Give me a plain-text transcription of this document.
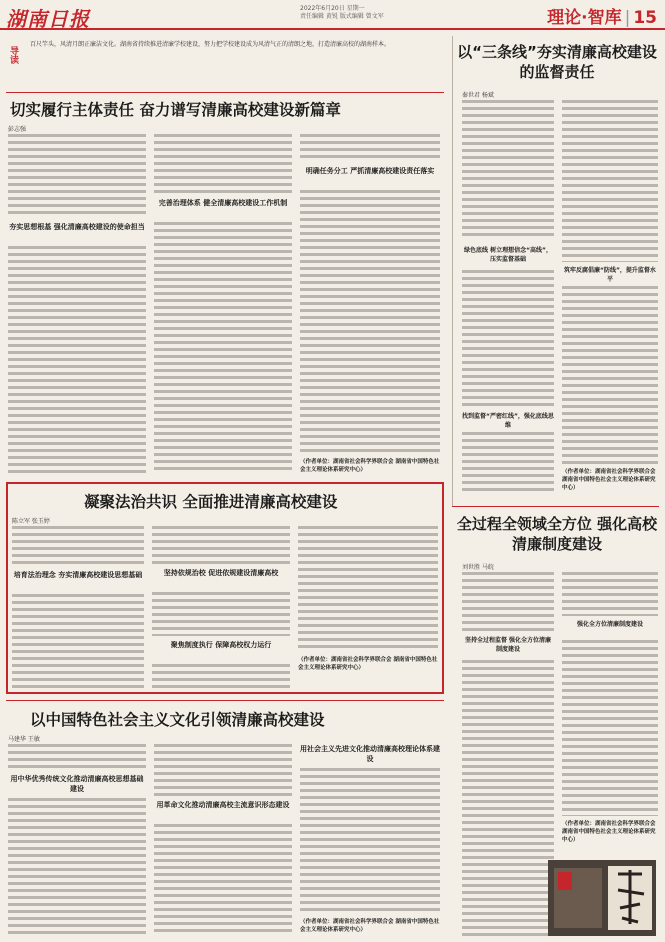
湖南日报	2022年6月20日 星期一
责任编辑 黄锐 版式编辑 曾文军	理论·智库 | 15
导读
百尺竿头，风清月朗正廉洁文化。湖南省持续推进清廉学校建设，努力把学校建设成为风清气正的清朗之地，打造清廉高校的湖南样本。	以“三条线”夯实清廉高校建设的监督责任
秦世君 杨斌
绿色底线 树立理想信念“高线”，压实监督基础
筑牢反腐倡廉“防线”，提升监督水平
找到监督“严密红线”，强化底线思维
（作者单位：湖南省社会科学界联合会 湖南省中国特色社会主义理论体系研究中心）
切实履行主体责任 奋力谱写清廉高校建设新篇章
彭志强
夯实思想根基 强化清廉高校建设的使命担当
完善治理体系 健全清廉高校建设工作机制
明确任务分工 严抓清廉高校建设责任落实
（作者单位：湖南省社会科学界联合会 湖南省中国特色社会主义理论体系研究中心）
凝聚法治共识 全面推进清廉高校建设
陈立军 张玉婷
培育法治理念 夯实清廉高校建设思想基础	坚持依规治校 促进依规建设清廉高校
聚焦制度执行 保障高校权力运行
（作者单位：湖南省社会科学界联合会 湖南省中国特色社会主义理论体系研究中心）
全过程全领域全方位 强化高校清廉制度建设
刘世胜 马皖
坚持全过程监督 强化全方位清廉制度建设
强化全方位清廉制度建设
（作者单位：湖南省社会科学界联合会 湖南省中国特色社会主义理论体系研究中心）
以中国特色社会主义文化引领清廉高校建设
马建华 王敏
用中华优秀传统文化推动清廉高校思想基础建设
用革命文化推动清廉高校主流意识形态建设
用社会主义先进文化推动清廉高校理论体系建设
（作者单位：湖南省社会科学界联合会 湖南省中国特色社会主义理论体系研究中心）
